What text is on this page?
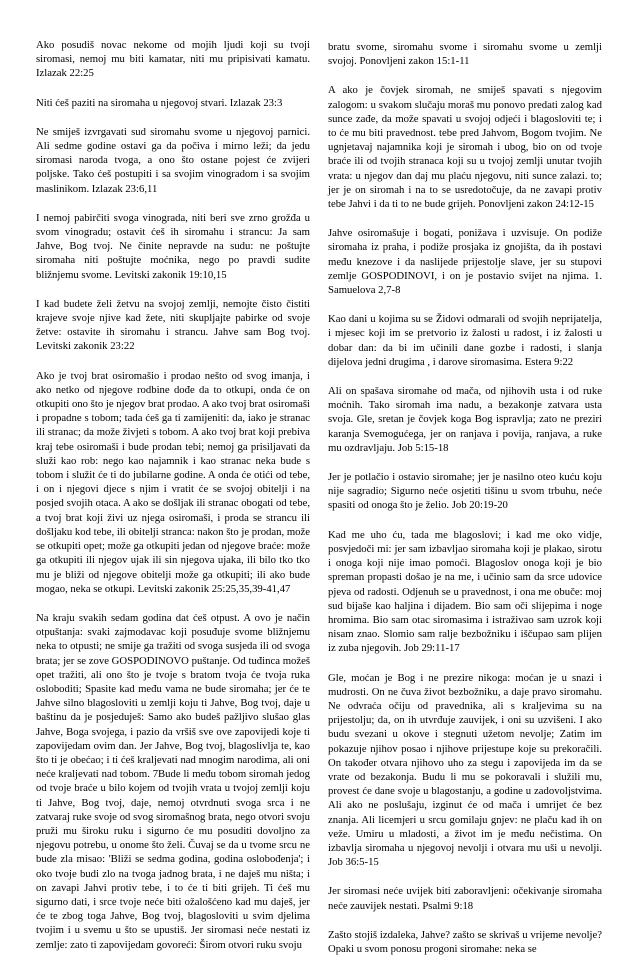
Ako posudiš novac nekome od mojih ljudi koji su tvoji siromasi, nemoj mu biti kamatar, niti mu pripisivati kamatu. Izlazak 22:25

Niti ćeš paziti na siromaha u njegovoj stvari. Izlazak 23:3

Ne smiješ izvrgavati sud siromahu svome u njegovoj parnici. Ali sedme godine ostavi ga da počiva i mirno leži; da jedu siromasi naroda tvoga, a ono što ostane pojest će zvijeri poljske. Tako ćeš postupiti i sa svojim vinogradom i sa svojim maslinikom. Izlazak 23:6,11

I nemoj pabirčiti svoga vinograda, niti beri sve zrno grožđa u svom vinogradu; ostavit ćeš ih siromahu i strancu: Ja sam Jahve, Bog tvoj. Ne činite nepravde na sudu: ne poštujte siromaha niti poštujte moćnika, nego po pravdi sudite bližnjemu svome. Levitski zakonik 19:10,15

I kad budete želi žetvu na svojoj zemlji, nemojte čisto čistiti krajeve svoje njive kad žete, niti skupljajte pabirke od svoje žetve: ostavite ih siromahu i strancu. Jahve sam Bog tvoj. Levitski zakonik 23:22

Ako je tvoj brat osiromašio i prodao nešto od svog imanja, i ako netko od njegove rodbine dođe da to otkupi, onda će on otkupiti ono što je njegov brat prodao. A ako tvoj brat osiromaši i propadne s tobom; tada ćeš ga ti zamijeniti: da, iako je stranac ili stranac; da može živjeti s tobom. A ako tvoj brat koji prebiva kraj tebe osiromaši i bude prodan tebi; nemoj ga prisiljavati da služi kao rob: nego kao najamnik i kao stranac neka bude s tobom i služit će ti do jubilarne godine. A onda će otići od tebe, i on i njegovi djece s njim i vratit će se svojoj obitelji i na posjed svojih otaca. A ako se došljak ili stranac obogati od tebe, a tvoj brat koji živi uz njega osiromaši, i proda se strancu ili došljaku kod tebe, ili obitelji stranca: nakon što je prodan, može se otkupiti opet; može ga otkupiti jedan od njegove braće: može ga otkupiti ili njegov ujak ili sin njegova ujaka, ili bilo tko tko mu je bliži od njegove obitelji može ga otkupiti; ili ako bude mogao, neka se otkupi. Levitski zakonik 25:25,35,39-41,47

Na kraju svakih sedam godina dat ćeš otpust. A ovo je način otpuštanja: svaki zajmodavac koji posuđuje svome bližnjemu neka to otpusti; ne smije ga tražiti od svoga susjeda ili od svoga brata; jer se zove GOSPODINOVO puštanje. Od tuđinca možeš opet tražiti, ali ono što je tvoje s bratom tvoja će tvoja ruka osloboditi; Spasite kad među vama ne bude siromaha; jer će te Jahve silno blagosloviti u zemlji koju ti Jahve, Bog tvoj, daje u baštinu da je posjeduješ: Samo ako budeš pažljivo slušao glas Jahve, Boga svojega, i pazio da vršiš sve ove zapovijedi koje ti zapovijedam ovim dan. Jer Jahve, Bog tvoj, blagoslivlja te, kao što ti je obećao; i ti ćeš kraljevati nad mnogim narodima, ali oni neće kraljevati nad tobom. 7Bude li među tobom siromah jedog od tvoje braće u bilo kojem od tvojih vrata u tvojoj zemlji koju ti Jahve, Bog tvoj, daje, nemoj otvrdnuti svoga srca i ne zatvaraj ruke svoje od svog siromašnog brata, nego otvori svoju pruži mu široku ruku i sigurno će mu posuditi dovoljno za njegovu potrebu, u onome što želi. Čuvaj se da u tvome srcu ne bude zla misao: 'Bliži se sedma godina, godina oslobođenja'; i oko tvoje budi zlo na tvoga jadnog brata, i ne daješ mu ništa; i on zavapi Jahvi protiv tebe, i to će ti biti grijeh. Ti ćeš mu sigurno dati, i srce tvoje neće biti ožalošćeno kad mu daješ, jer će te zbog toga Jahve, Bog tvoj, blagosloviti u svim djelima tvojim i u svemu u što se upustiš. Jer siromasi neće nestati iz zemlje: zato ti zapovijedam govoreći: Širom otvori ruku svoju

bratu svome, siromahu svome i siromahu svome u zemlji svojoj. Ponovljeni zakon 15:1-11

A ako je čovjek siromah, ne smiješ spavati s njegovim zalogom: u svakom slučaju moraš mu ponovo predati zalog kad sunce zađe, da može spavati u svojoj odjeći i blagosloviti te; i to će mu biti pravednost. tebe pred Jahvom, Bogom tvojim. Ne ugnjetavaj najamnika koji je siromah i ubog, bio on od tvoje braće ili od tvojih stranaca koji su u tvojoj zemlji unutar tvojih vrata: u njegov dan daj mu plaću njegovu, niti sunce zalazi. to; jer je on siromah i na to se usredotočuje, da ne zavapi protiv tebe Jahvi i da ti to ne bude grijeh. Ponovljeni zakon 24:12-15

Jahve osiromašuje i bogati, ponižava i uzvisuje. On podiže siromaha iz praha, i podiže prosjaka iz gnojišta, da ih postavi među knezove i da naslijede prijestolje slave, jer su stupovi zemlje GOSPODINOVI, i on je postavio svijet na njima. 1. Samuelova 2,7-8

Kao dani u kojima su se Židovi odmarali od svojih neprijatelja, i mjesec koji im se pretvorio iz žalosti u radost, i iz žalosti u dobar dan: da bi im učinili dane gozbe i radosti, i slanja dijelova jedni drugima , i darove siromasima. Estera 9:22

Ali on spašava siromahe od mača, od njihovih usta i od ruke moćnih. Tako siromah ima nadu, a bezakonje zatvara usta svoja. Gle, sretan je čovjek koga Bog ispravlja; zato ne preziri karanja Svemogućega, jer on ranjava i povija, ranjava, a ruke mu ozdravljaju. Job 5:15-18

Jer je potlačio i ostavio siromahe; jer je nasilno oteo kuću koju nije sagradio; Sigurno neće osjetiti tišinu u svom trbuhu, neće spasiti od onoga što je želio. Job 20:19-20

Kad me uho ću, tada me blagoslovi; i kad me oko vidje, posvjedoči mi: jer sam izbavljao siromaha koji je plakao, sirotu i onoga koji nije imao pomoći. Blagoslov onoga koji je bio spreman propasti došao je na me, i učinio sam da srce udovice pjeva od radosti. Odjenuh se u pravednost, i ona me obuče: moj sud bijaše kao haljina i dijadem. Bio sam oči slijepima i noge hromima. Bio sam otac siromasima i istraživao sam uzrok koji nisam znao. Slomio sam ralje bezbožniku i iščupao sam plijen iz zuba njegovih. Job 29:11-17

Gle, moćan je Bog i ne prezire nikoga: moćan je u snazi i mudrosti. On ne čuva život bezbožniku, a daje pravo siromahu. Ne odvraća očiju od pravednika, ali s kraljevima su na prijestolju; da, on ih utvrđuje zauvijek, i oni su uzvišeni. I ako budu svezani u okove i stegnuti užetom nevolje; Zatim im pokazuje njihov posao i njihove prijestupe koje su prekoračili. On također otvara njihovo uho za stegu i zapovijeda im da se vrate od bezakonja. Budu li mu se pokoravali i služili mu, provest će dane svoje u blagostanju, a godine u zadovoljstvima. Ali ako ne poslušaju, izginut će od mača i umrijet će bez znanja. Ali licemjeri u srcu gomilaju gnjev: ne plaču kad ih on veže. Umiru u mladosti, a život im je među nečistima. On izbavlja siromaha u njegovoj nevolji i otvara mu uši u nevolji. Job 36:5-15

Jer siromasi neće uvijek biti zaboravljeni: očekivanje siromaha neće zauvijek nestati. Psalmi 9:18

Zašto stojiš izdaleka, Jahve? zašto se skrivaš u vrijeme nevolje? Opaki u svom ponosu progoni siromahe: neka se
